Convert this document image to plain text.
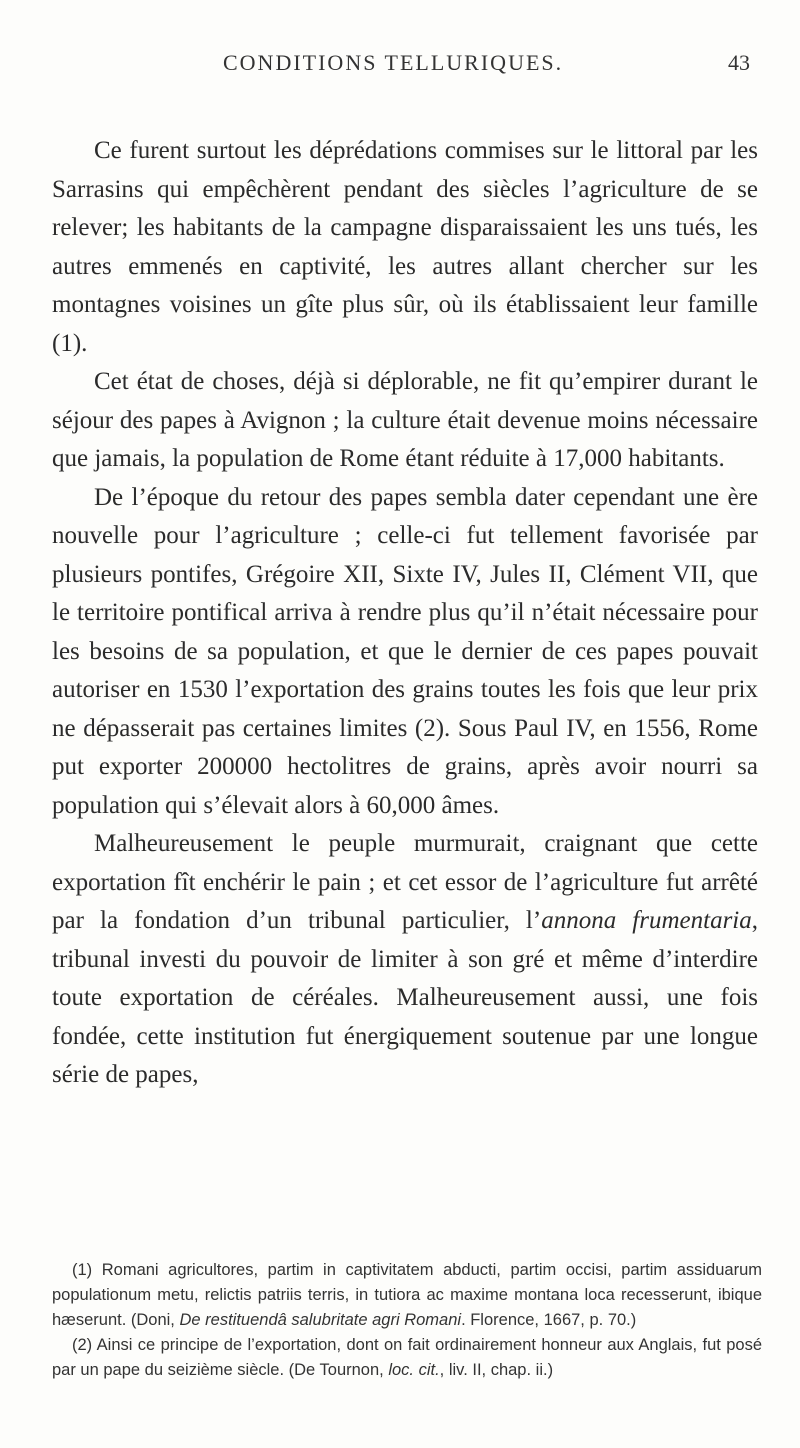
CONDITIONS TELLURIQUES.	43

Ce furent surtout les déprédations commises sur le littoral par les Sarrasins qui empêchèrent pendant des siècles l’agriculture de se relever; les habitants de la campagne disparaissaient les uns tués, les autres emmenés en captivité, les autres allant chercher sur les montagnes voisines un gîte plus sûr, où ils établissaient leur famille (1).

Cet état de choses, déjà si déplorable, ne fit qu’empirer durant le séjour des papes à Avignon ; la culture était devenue moins nécessaire que jamais, la population de Rome étant réduite à 17,000 habitants.

De l’époque du retour des papes sembla dater cependant une ère nouvelle pour l’agriculture ; celle-ci fut tellement favorisée par plusieurs pontifes, Grégoire XII, Sixte IV, Jules II, Clément VII, que le territoire pontifical arriva à rendre plus qu’il n’était nécessaire pour les besoins de sa population, et que le dernier de ces papes pouvait autoriser en 1530 l’exportation des grains toutes les fois que leur prix ne dépasserait pas certaines limites (2). Sous Paul IV, en 1556, Rome put exporter 200000 hectolitres de grains, après avoir nourri sa population qui s’élevait alors à 60,000 âmes.

Malheureusement le peuple murmurait, craignant que cette exportation fît enchérir le pain ; et cet essor de l’agriculture fut arrêté par la fondation d’un tribunal particulier, l’annona frumentaria, tribunal investi du pouvoir de limiter à son gré et même d’interdire toute exportation de céréales. Malheureusement aussi, une fois fondée, cette institution fut énergiquement soutenue par une longue série de papes,

(1) Romani agricultores, partim in captivitatem abducti, partim occisi, partim assiduarum populationum metu, relictis patriis terris, in tutiora ac maxime montana loca recesserunt, ibique hæserunt. (Doni, De restituendâ salubritate agri Romani. Florence, 1667, p. 70.)

(2) Ainsi ce principe de l’exportation, dont on fait ordinairement honneur aux Anglais, fut posé par un pape du seizième siècle. (De Tournon, loc. cit., liv. II, chap. ii.)
